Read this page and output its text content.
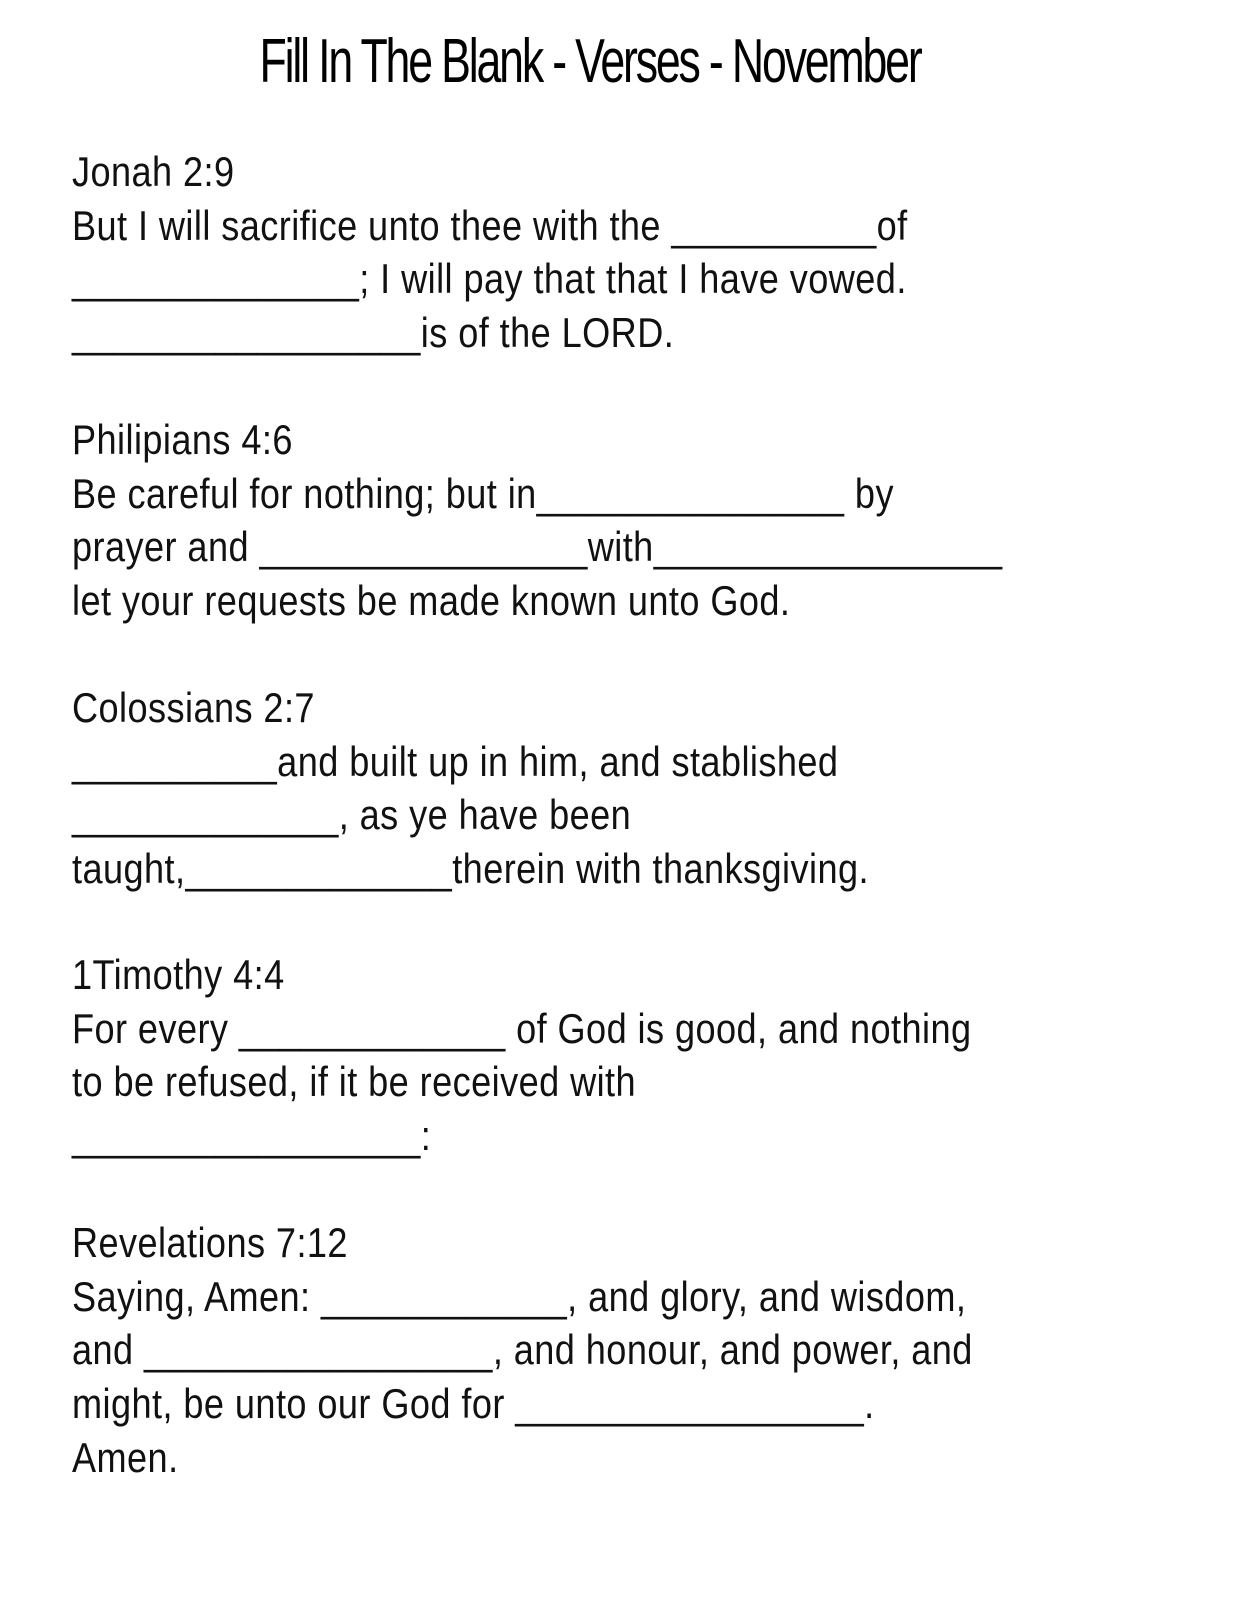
Fill In The Blank - Verses - November
Jonah 2:9
But I will sacrifice unto thee with the __________of
______________; I will pay that that I have vowed.
_________________is of the LORD.
Philipians 4:6
Be careful for nothing; but in_______________ by
prayer and ________________with_________________
let your requests be made known unto God.
Colossians 2:7
__________and built up in him, and stablished
_____________, as ye have been
taught,_____________therein with thanksgiving.
1Timothy 4:4
For every _____________ of God is good, and nothing
to be refused, if it be received with
_________________:
Revelations 7:12
Saying, Amen: ____________, and glory, and wisdom,
and _________________, and honour, and power, and
might, be unto our God for _________________.
Amen.
